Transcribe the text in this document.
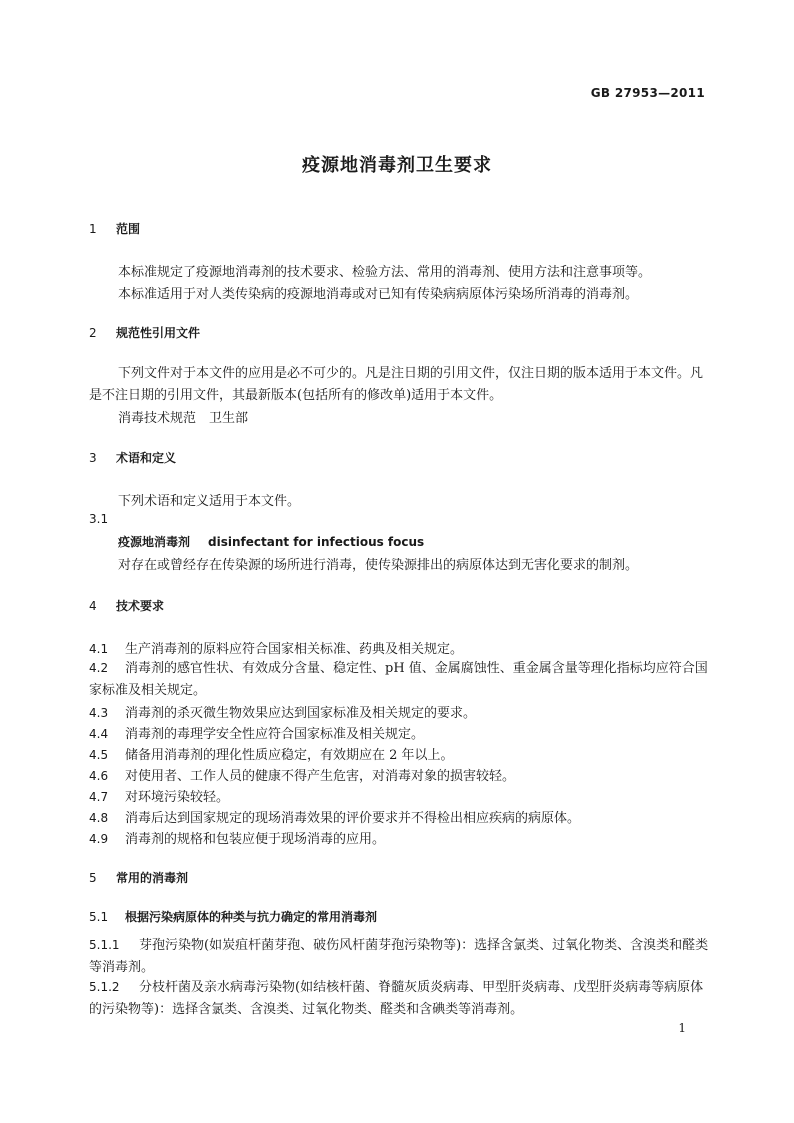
GB 27953—2011
疫源地消毒剂卫生要求
1 范围
本标准规定了疫源地消毒剂的技术要求、检验方法、常用的消毒剂、使用方法和注意事项等。
本标准适用于对人类传染病的疫源地消毒或对已知有传染病病原体污染场所消毒的消毒剂。
2 规范性引用文件
下列文件对于本文件的应用是必不可少的。凡是注日期的引用文件，仅注日期的版本适用于本文件。凡是不注日期的引用文件，其最新版本(包括所有的修改单)适用于本文件。
消毒技术规范　卫生部
3 术语和定义
下列术语和定义适用于本文件。
3.1
疫源地消毒剂 disinfectant for infectious focus
对存在或曾经存在传染源的场所进行消毒，使传染源排出的病原体达到无害化要求的制剂。
4 技术要求
4.1 生产消毒剂的原料应符合国家相关标准、药典及相关规定。
4.2 消毒剂的感官性状、有效成分含量、稳定性、pH 值、金属腐蚀性、重金属含量等理化指标均应符合国家标准及相关规定。
4.3 消毒剂的杀灭微生物效果应达到国家标准及相关规定的要求。
4.4 消毒剂的毒理学安全性应符合国家标准及相关规定。
4.5 储备用消毒剂的理化性质应稳定，有效期应在 2 年以上。
4.6 对使用者、工作人员的健康不得产生危害，对消毒对象的损害较轻。
4.7 对环境污染较轻。
4.8 消毒后达到国家规定的现场消毒效果的评价要求并不得检出相应疾病的病原体。
4.9 消毒剂的规格和包装应便于现场消毒的应用。
5 常用的消毒剂
5.1 根据污染病原体的种类与抗力确定的常用消毒剂
5.1.1 芽孢污染物(如炭疽杆菌芽孢、破伤风杆菌芽孢污染物等)：选择含氯类、过氧化物类、含溴类和醛类等消毒剂。
5.1.2 分枝杆菌及亲水病毒污染物(如结核杆菌、脊髓灰质炎病毒、甲型肝炎病毒、戊型肝炎病毒等病原体的污染物等)：选择含氯类、含溴类、过氧化物类、醛类和含碘类等消毒剂。
1
